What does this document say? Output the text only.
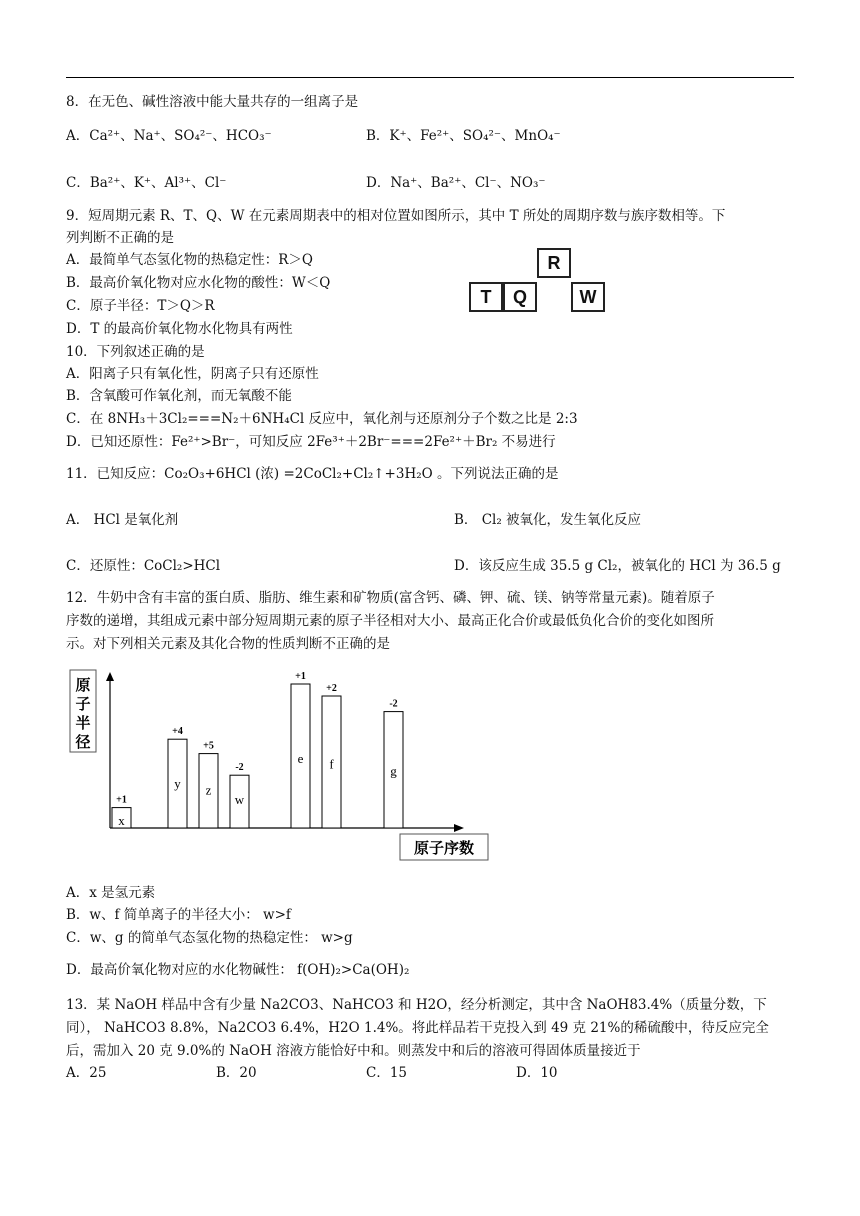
8．在无色、碱性溶液中能大量共存的一组离子是
A．Ca²⁺、Na⁺、SO₄²⁻、HCO₃⁻	B．K⁺、Fe²⁺、SO₄²⁻、MnO₄⁻
C．Ba²⁺、K⁺、Al³⁺、Cl⁻	D．Na⁺、Ba²⁺、Cl⁻、NO₃⁻
9．短周期元素 R、T、Q、W 在元素周期表中的相对位置如图所示，其中 T 所处的周期序数与族序数相等。下
列判断不正确的是
A．最简单气态氢化物的热稳定性：R＞Q
B．最高价氧化物对应水化物的酸性：W＜Q
C．原子半径：T＞Q＞R
D．T 的最高价氧化物水化物具有两性
R
T	Q	W
10．下列叙述正确的是
A．阳离子只有氧化性，阴离子只有还原性
B．含氧酸可作氧化剂，而无氧酸不能
C．在 8NH₃＋3Cl₂===N₂＋6NH₄Cl 反应中，氧化剂与还原剂分子个数之比是 2:3
D．已知还原性：Fe²⁺>Br⁻，可知反应 2Fe³⁺＋2Br⁻===2Fe²⁺＋Br₂ 不易进行
11．已知反应：Co₂O₃+6HCl (浓) =2CoCl₂+Cl₂↑+3H₂O 。下列说法正确的是
A． HCl 是氧化剂	B． Cl₂ 被氧化，发生氧化反应
C．还原性：CoCl₂>HCl	D．该反应生成 35.5 g Cl₂，被氧化的 HCl 为 36.5 g
12．牛奶中含有丰富的蛋白质、脂肪、维生素和矿物质(富含钙、磷、钾、硫、镁、钠等常量元素)。随着原子
序数的递增，其组成元素中部分短周期元素的原子半径相对大小、最高正化合价或最低负化合价的变化如图所
示。对下列相关元素及其化合物的性质判断不正确的是
原
子
半
径
原子序数
x
+1
y
+4
z
+5
w
-2
e
+1
f
+2
g
-2
A．x 是氢元素
B．w、f 简单离子的半径大小： w>f
C．w、g 的简单气态氢化物的热稳定性： w>g
D．最高价氧化物对应的水化物碱性： f(OH)₂>Ca(OH)₂
13．某 NaOH 样品中含有少量 Na2CO3、NaHCO3 和 H2O，经分析测定，其中含 NaOH83.4%（质量分数，下
同）， NaHCO3 8.8%，Na2CO3 6.4%，H2O 1.4%。将此样品若干克投入到 49 克 21%的稀硫酸中，待反应完全
后，需加入 20 克 9.0%的 NaOH 溶液方能恰好中和。则蒸发中和后的溶液可得固体质量接近于
A．25	B．20	C．15	D．10
